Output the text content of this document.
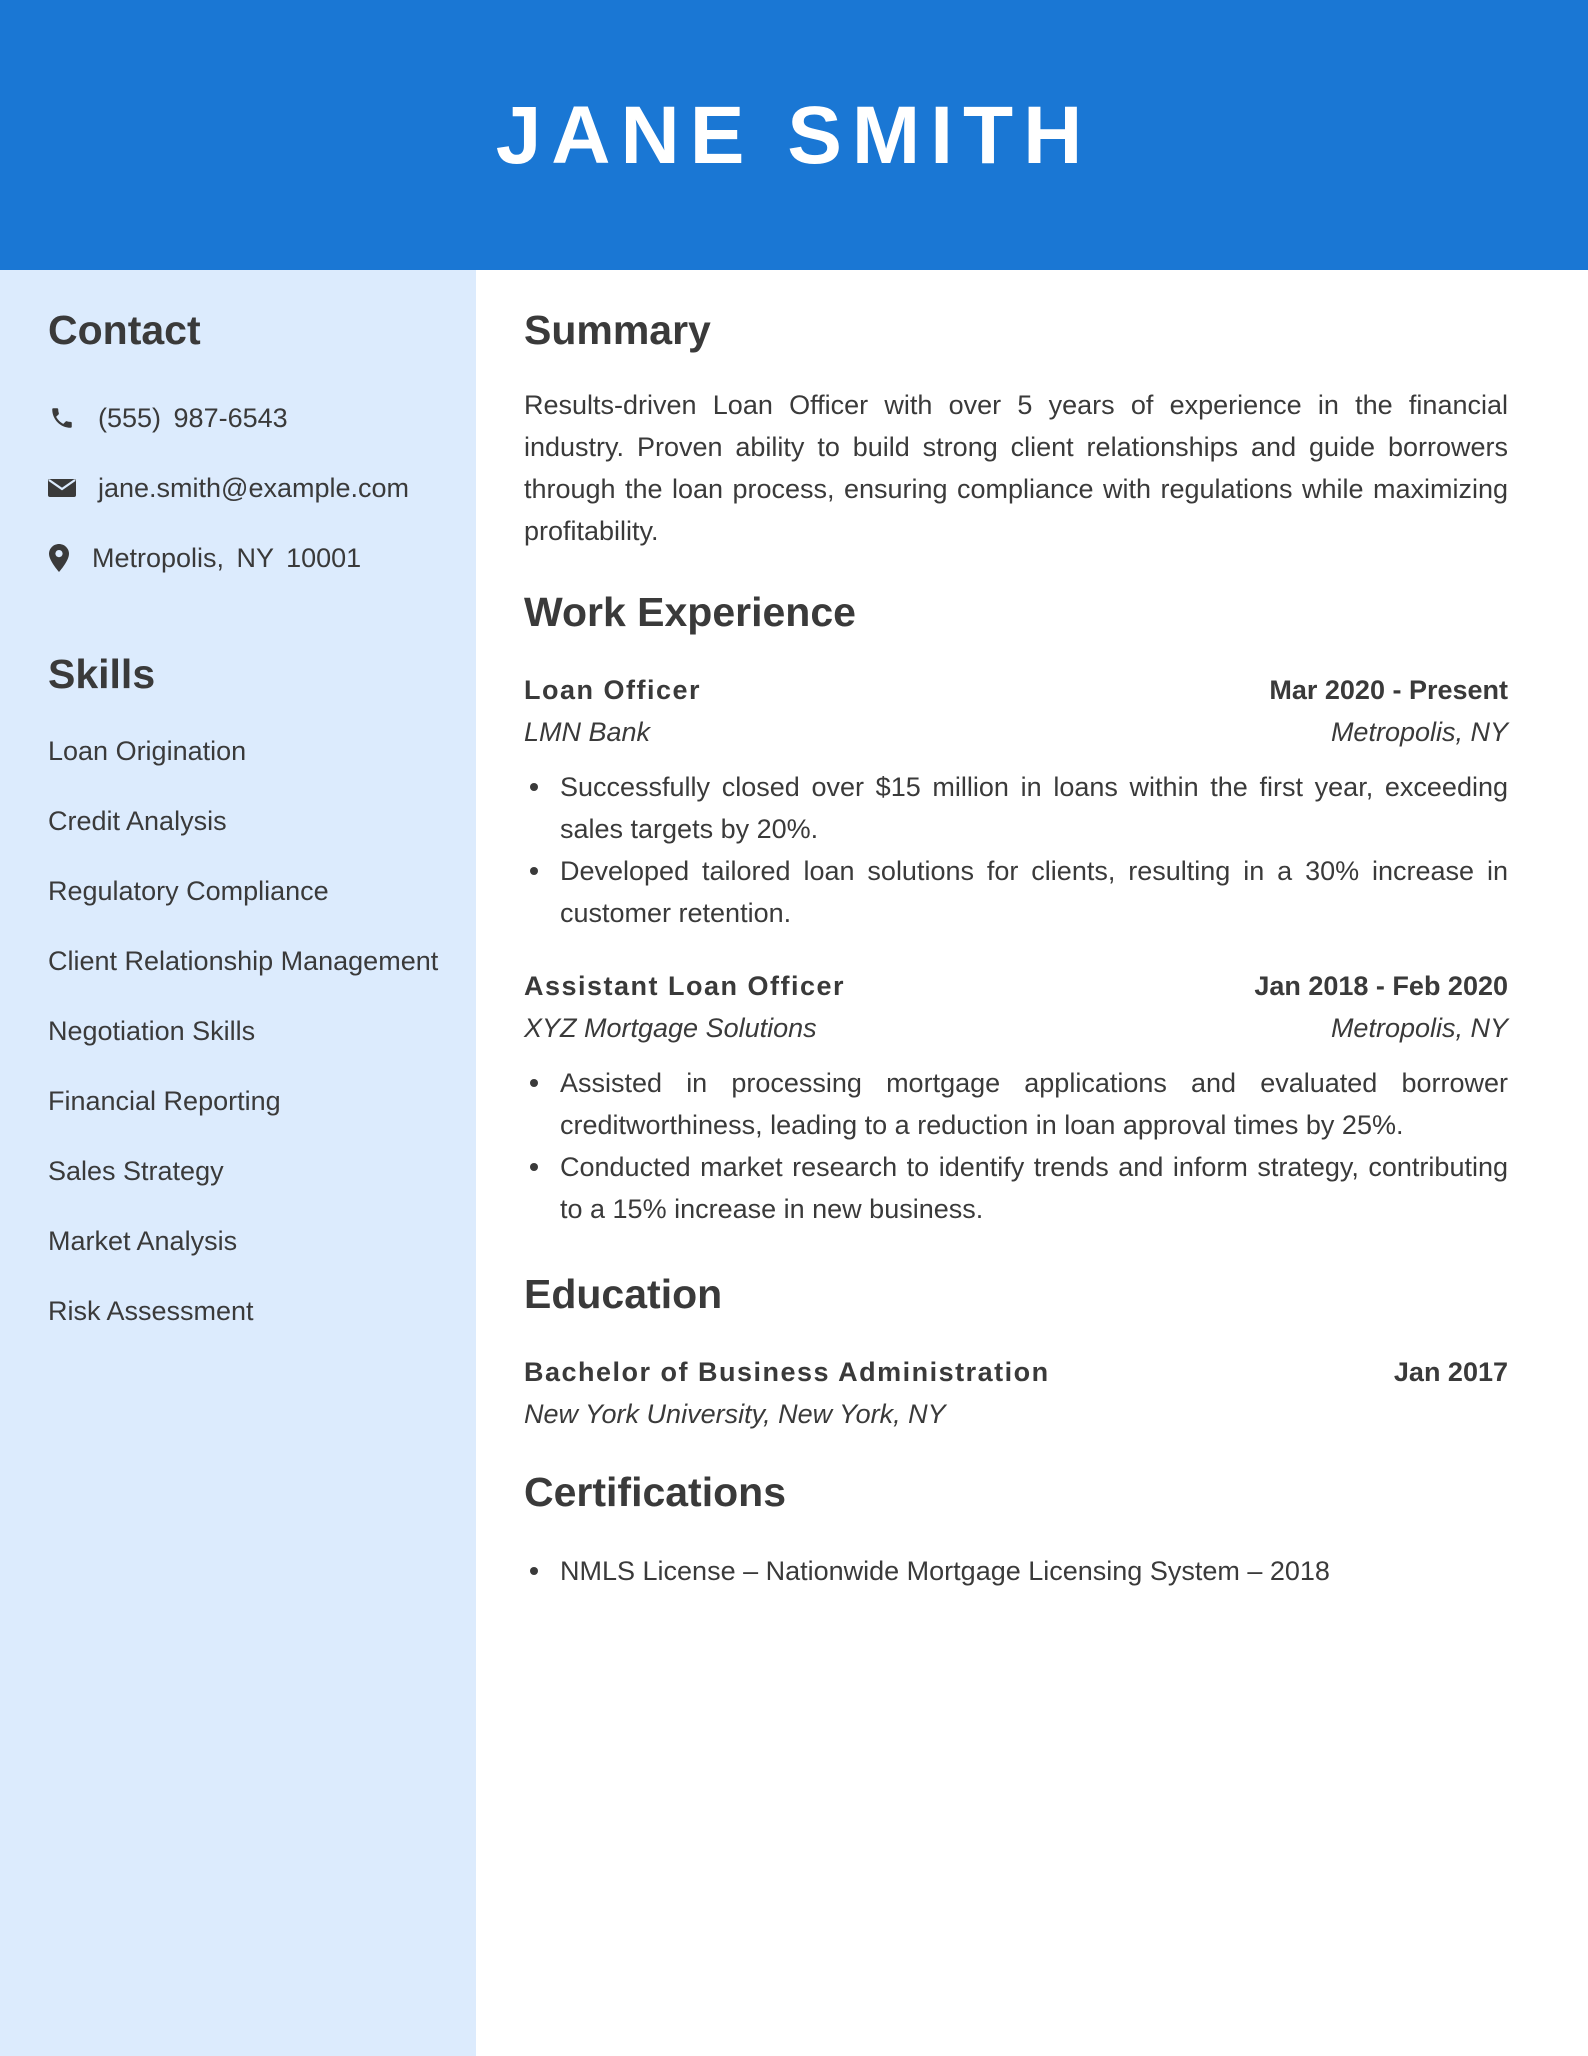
JANE SMITH
Contact
(555) 987-6543
jane.smith@example.com
Metropolis, NY 10001
Skills
Loan Origination
Credit Analysis
Regulatory Compliance
Client Relationship Management
Negotiation Skills
Financial Reporting
Sales Strategy
Market Analysis
Risk Assessment
Summary

Results-driven Loan Officer with over 5 years of experience in the financial industry. Proven ability to build strong client relationships and guide borrowers through the loan process, ensuring compliance with regulations while maximizing profitability.

Work Experience
Loan Officer	Mar 2020 - Present
LMN Bank	Metropolis, NY
Successfully closed over $15 million in loans within the first year, exceeding sales targets by 20%.
Developed tailored loan solutions for clients, resulting in a 30% increase in customer retention.
Assistant Loan Officer	Jan 2018 - Feb 2020
XYZ Mortgage Solutions	Metropolis, NY
Assisted in processing mortgage applications and evaluated borrower creditworthiness, leading to a reduction in loan approval times by 25%.
Conducted market research to identify trends and inform strategy, contributing to a 15% increase in new business.
Education
Bachelor of Business Administration	Jan 2017
New York University, New York, NY
Certifications
NMLS License – Nationwide Mortgage Licensing System – 2018
